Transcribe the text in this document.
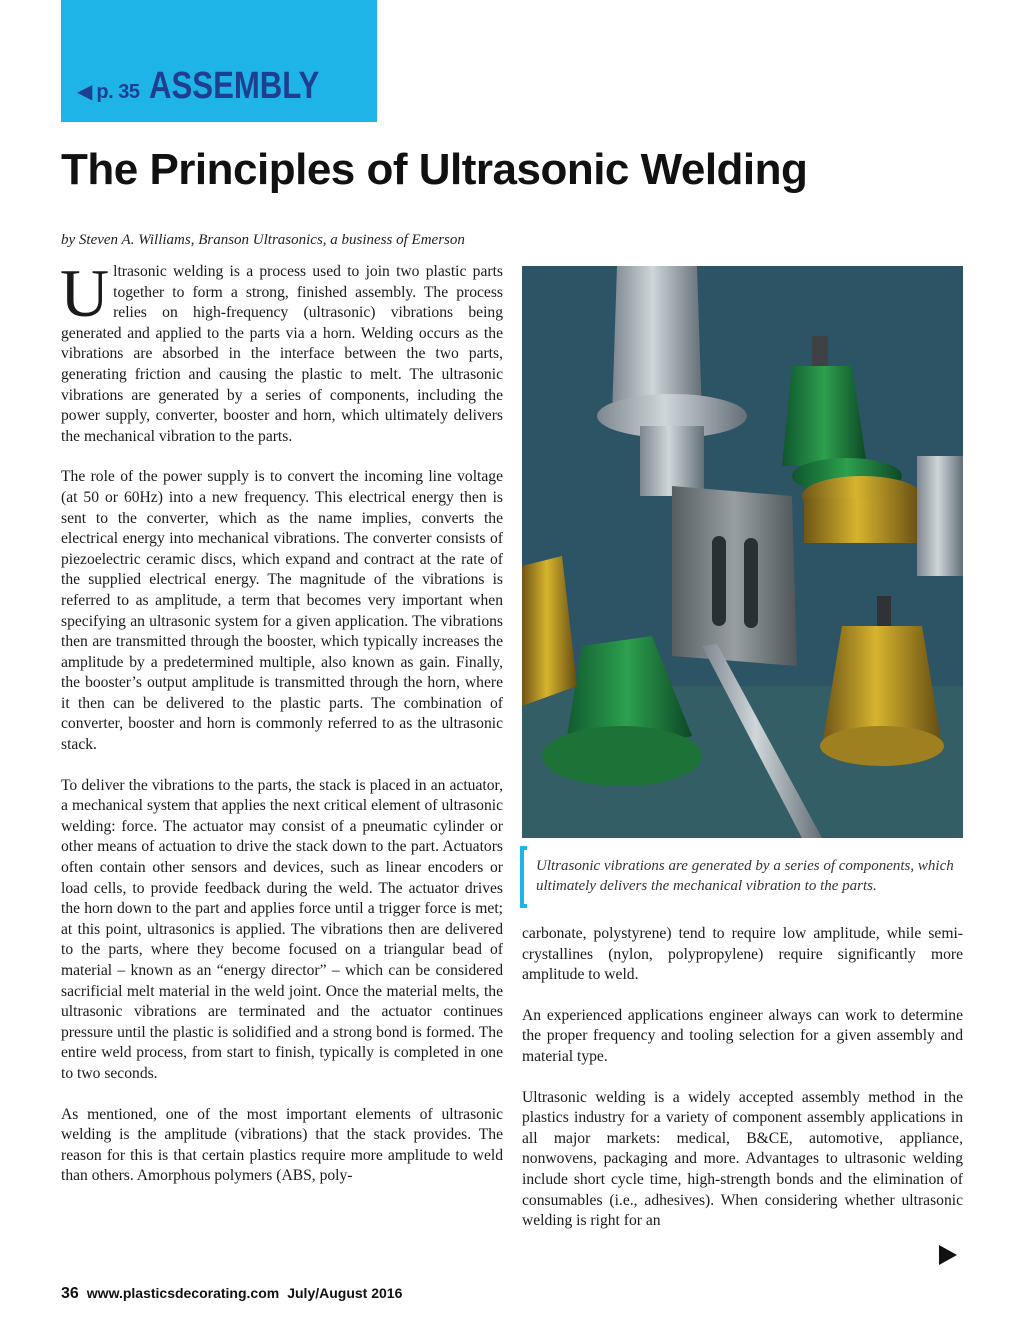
◀ p. 35 ASSEMBLY
The Principles of Ultrasonic Welding
by Steven A. Williams, Branson Ultrasonics, a business of Emerson

Ultrasonic welding is a process used to join two plastic parts together to form a strong, finished assembly. The process relies on high-frequency (ultrasonic) vibrations being generated and applied to the parts via a horn. Welding occurs as the vibrations are absorbed in the interface between the two parts, generating friction and causing the plastic to melt. The ultrasonic vibrations are generated by a series of components, including the power supply, converter, booster and horn, which ultimately delivers the mechanical vibration to the parts.

The role of the power supply is to convert the incoming line voltage (at 50 or 60Hz) into a new frequency. This electrical energy then is sent to the converter, which as the name implies, converts the electrical energy into mechanical vibrations. The converter consists of piezoelectric ceramic discs, which expand and contract at the rate of the supplied electrical energy. The magnitude of the vibrations is referred to as amplitude, a term that becomes very important when specifying an ultrasonic system for a given application. The vibrations then are transmitted through the booster, which typically increases the amplitude by a predetermined multiple, also known as gain. Finally, the booster’s output amplitude is transmitted through the horn, where it then can be delivered to the plastic parts. The combination of converter, booster and horn is commonly referred to as the ultrasonic stack.

To deliver the vibrations to the parts, the stack is placed in an actuator, a mechanical system that applies the next critical element of ultrasonic welding: force. The actuator may consist of a pneumatic cylinder or other means of actuation to drive the stack down to the part. Actuators often contain other sensors and devices, such as linear encoders or load cells, to provide feedback during the weld. The actuator drives the horn down to the part and applies force until a trigger force is met; at this point, ultrasonics is applied. The vibrations then are delivered to the parts, where they become focused on a triangular bead of material – known as an “energy director” – which can be considered sacrificial melt material in the weld joint. Once the material melts, the ultrasonic vibrations are terminated and the actuator continues pressure until the plastic is solidified and a strong bond is formed. The entire weld process, from start to finish, typically is completed in one to two seconds.

As mentioned, one of the most important elements of ultrasonic welding is the amplitude (vibrations) that the stack provides. The reason for this is that certain plastics require more amplitude to weld than others. Amorphous polymers (ABS, poly-

Ultrasonic vibrations are generated by a series of components, which ultimately delivers the mechanical vibration to the parts.

carbonate, polystyrene) tend to require low amplitude, while semi-crystallines (nylon, polypropylene) require significantly more amplitude to weld.

An experienced applications engineer always can work to determine the proper frequency and tooling selection for a given assembly and material type.

Ultrasonic welding is a widely accepted assembly method in the plastics industry for a variety of component assembly applications in all major markets: medical, B&CE, automotive, appliance, nonwovens, packaging and more. Advantages to ultrasonic welding include short cycle time, high-strength bonds and the elimination of consumables (i.e., adhesives). When considering whether ultrasonic welding is right for an

36 www.plasticsdecorating.com July/August 2016
